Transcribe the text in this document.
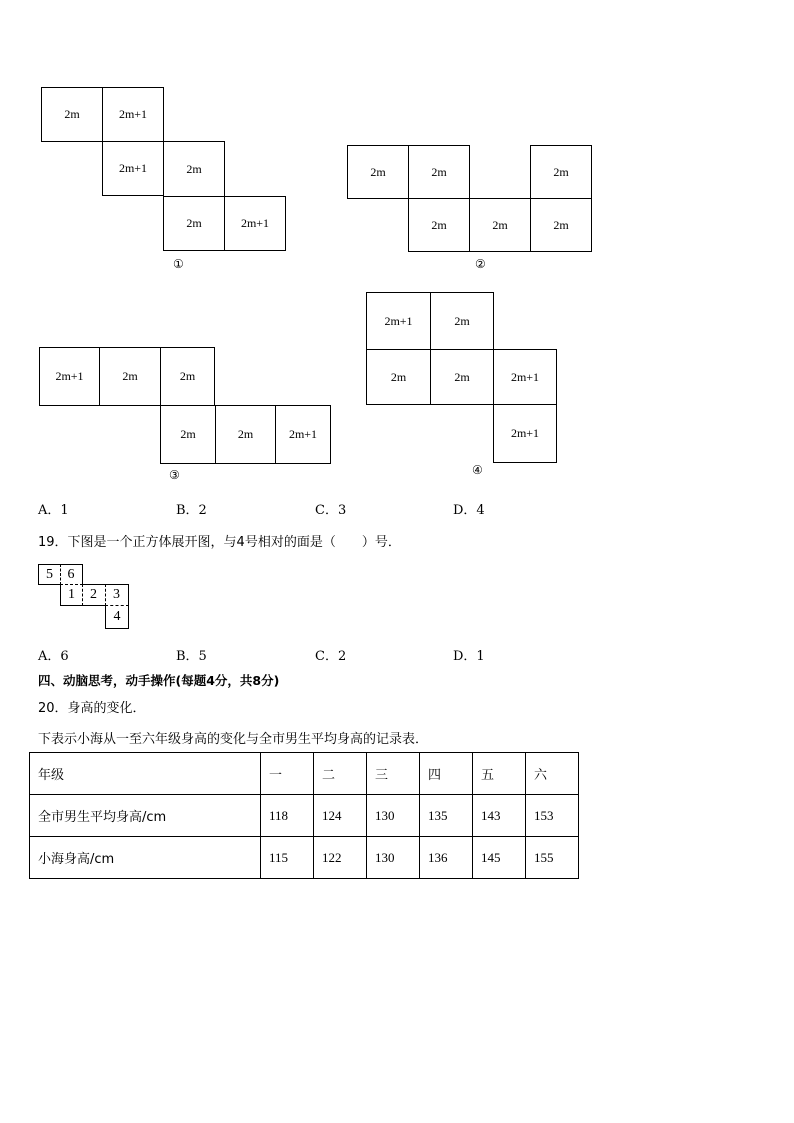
2m	2m+1
2m+1	2m
2m	2m+1
①
2m	2m	2m
2m	2m	2m
②
2m+1	2m	2m
2m	2m	2m+1
③
2m+1	2m
2m	2m	2m+1
2m+1
④
A．1	B．2	C．3	D．4
19．下图是一个正方体展开图，与4号相对的面是（　　）号．
5	6
1	2	3
4
A．6	B．5	C．2	D．1
四、动脑思考，动手操作(每题4分，共8分)
20．身高的变化．
下表示小海从一至六年级身高的变化与全市男生平均身高的记录表．
年级	一	二	三	四	五	六
全市男生平均身高/cm	118	124	130	135	143	153
小海身高/cm	115	122	130	136	145	155
